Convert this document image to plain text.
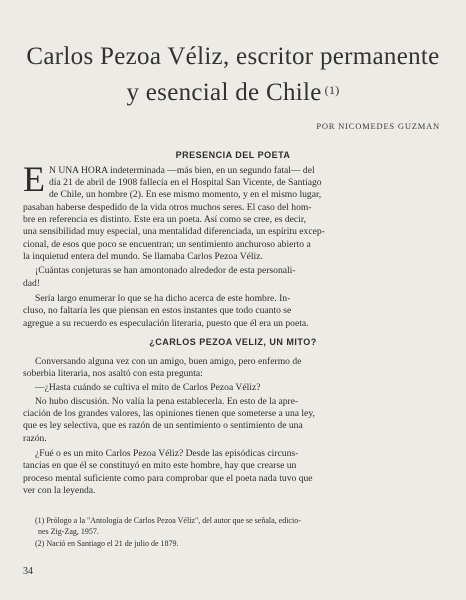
Carlos Pezoa Véliz, escritor permanente
y esencial de Chile $^{(1)}$
POR NICOMEDES GUZMAN
PRESENCIA DEL POETA
E N UNA HORA indeterminada —más bien, en un segundo fatal— del
día 21 de abril de 1908 fallecía en el Hospital San Vicente, de Santiago
de Chile, un hombre (2). En ese mismo momento, y en el mismo lugar,
pasaban haberse despedido de la vida otros muchos seres. El caso del hom-
bre en referencia es distinto. Este era un poeta. Así como se cree, es decir,
una sensibilidad muy especial, una mentalidad diferenciada, un espíritu excep-
cional, de esos que poco se encuentran; un sentimiento anchuroso abierto a
la inquietud entera del mundo. Se llamaba Carlos Pezoa Véliz.
¡Cuántas conjeturas se han amontonado alrededor de esta personali-
dad!
Sería largo enumerar lo que se ha dicho acerca de este hombre. In-
cluso, no faltaría les que piensan en estos instantes que todo cuanto se
agregue a su recuerdo es especulación literaria, puesto que él era un poeta.
¿CARLOS PEZOA VELIZ, UN MITO?
Conversando alguna vez con un amigo, buen amigo, pero enfermo de
soberbia literaria, nos asaltó con esta pregunta:
—¿Hasta cuándo se cultiva el mito de Carlos Pezoa Véliz?
No hubo discusión. No valía la pena establecerla. En esto de la apre-
ciación de los grandes valores, las opiniones tienen que someterse a una ley,
que es ley selectiva, que es razón de un sentimiento o sentimiento de una
razón.
¿Fué o es un mito Carlos Pezoa Véliz? Desde las episódicas circuns-
tancias en que él se constituyó en mito este hombre, hay que crearse un
proceso mental suficiente como para comprobar que el poeta nada tuvo que
ver con la leyenda.
(1) Prólogo a la "Antología de Carlos Pezoa Véliz", del autor que se señala, edicio-
nes Zig-Zag, 1957.
(2) Nació en Santiago el 21 de julio de 1879.
34
